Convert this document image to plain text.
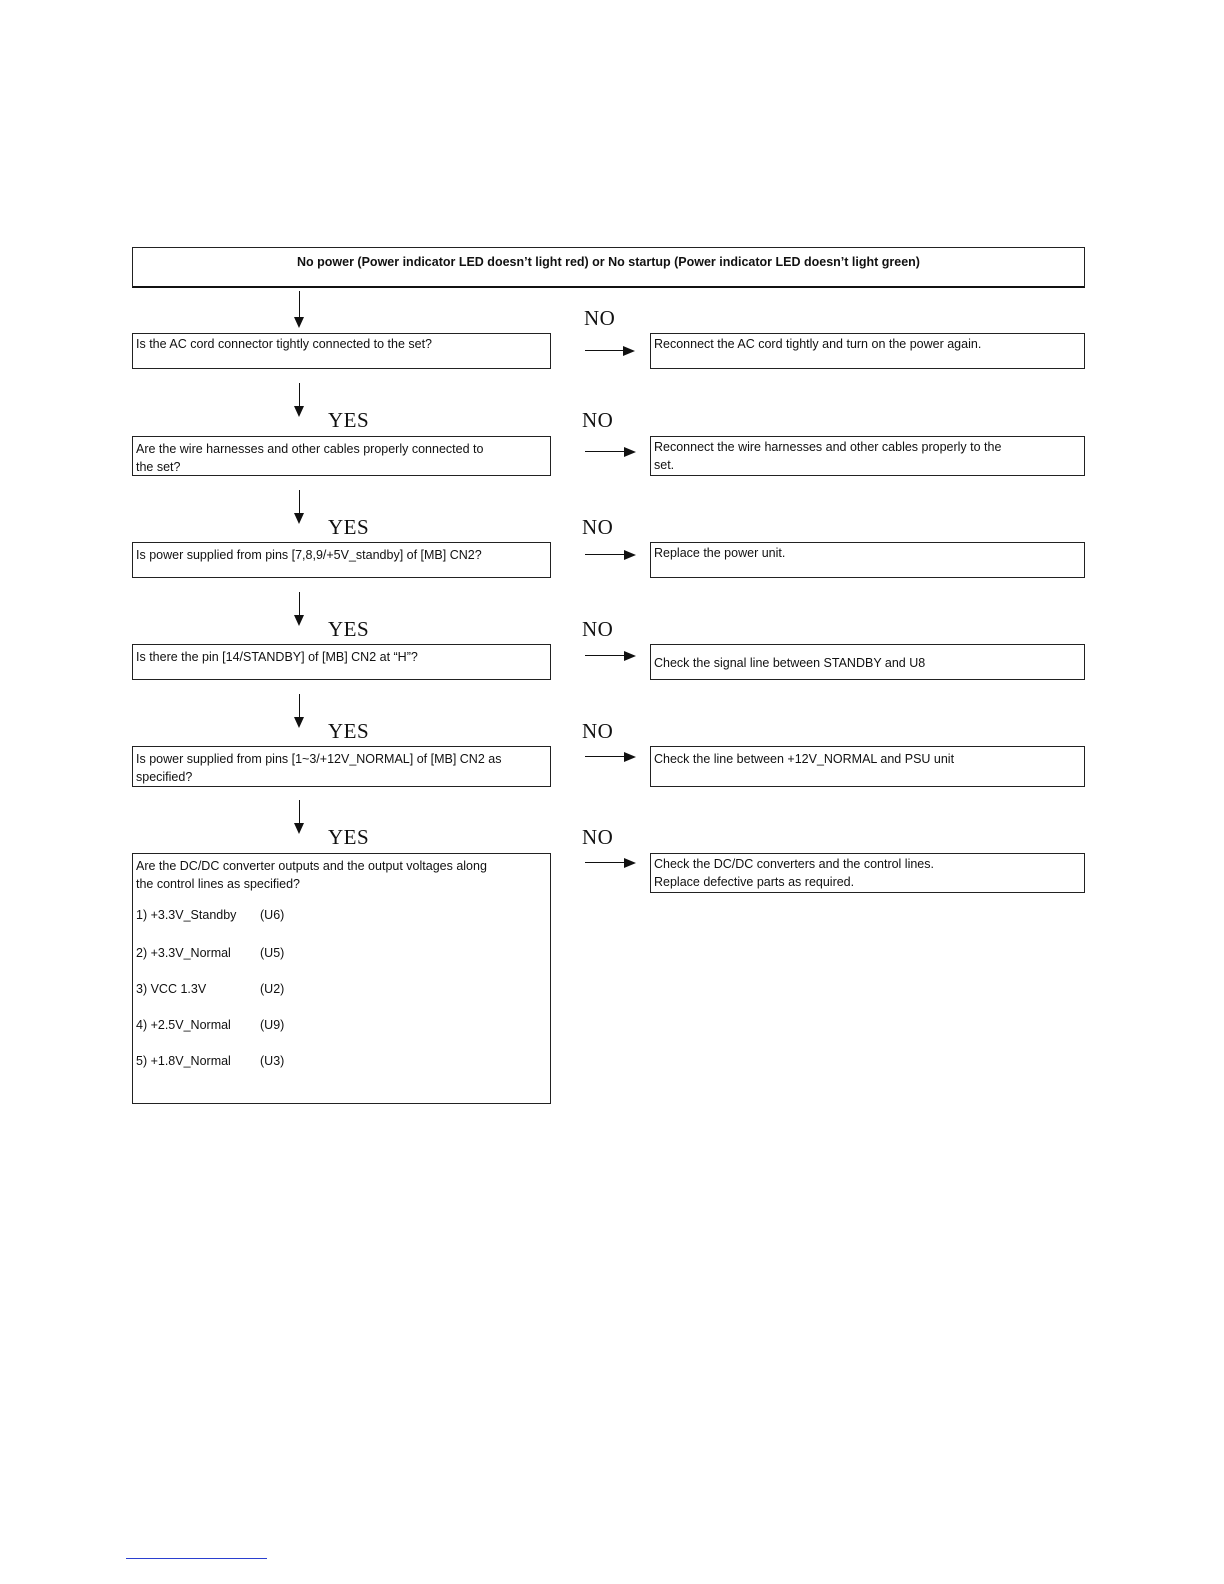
No power (Power indicator LED doesn’t light red) or No startup (Power indicator LED doesn’t light green)
NO
Is the AC cord connector tightly connected to the set?	Reconnect the AC cord tightly and turn on the power again.
YES	NO
Are the wire harnesses and other cables properly connected to
the set?
Reconnect the wire harnesses and other cables properly to the
set.
YES	NO
Is power supplied from pins [7,8,9/+5V_standby] of [MB] CN2?	Replace the power unit.
YES	NO
Is there the pin [14/STANDBY] of [MB] CN2 at “H”?	Check the signal line between STANDBY and U8
YES	NO
Is power supplied from pins [1~3/+12V_NORMAL] of [MB] CN2 as
specified?
Check the line between +12V_NORMAL and PSU unit
YES	NO
Are the DC/DC converter outputs and the output voltages along
the control lines as specified?
Check the DC/DC converters and the control lines.
Replace defective parts as required.
1) +3.3V_Standby (U6)
2) +3.3V_Normal (U5)
3) VCC 1.3V	(U2)
4) +2.5V_Normal (U9)
5) +1.8V_Normal (U3)
